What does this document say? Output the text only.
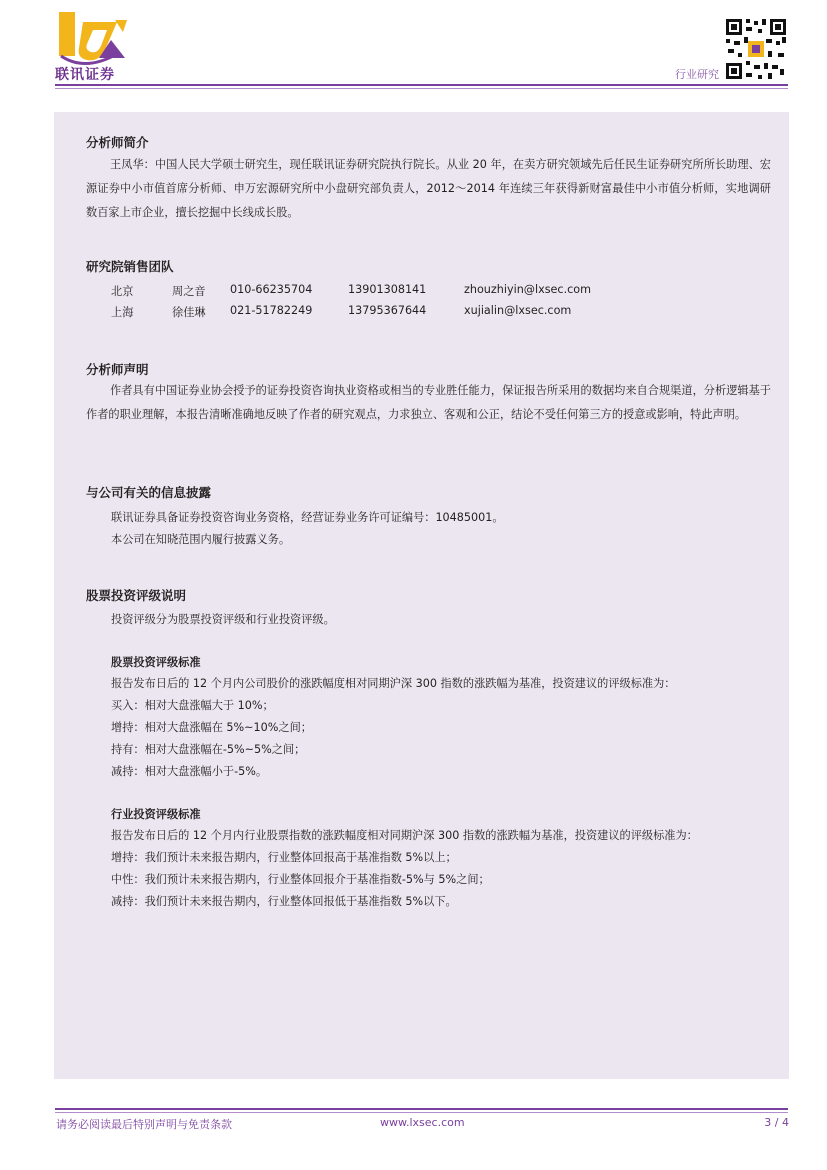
联讯证券	行业研究
分析师简介
王凤华：中国人民大学硕士研究生，现任联讯证券研究院执行院长。从业 20 年，在卖方研究领域先后任民生证券研究所所长助理、宏源证券中小市值首席分析师、申万宏源研究所中小盘研究部负责人，2012～2014 年连续三年获得新财富最佳中小市值分析师，实地调研数百家上市企业，擅长挖掘中长线成长股。
研究院销售团队
北京	周之音 010-66235704	13901308141	zhouzhiyin@lxsec.com
上海	徐佳琳 021-51782249	13795367644	xujialin@lxsec.com
分析师声明
作者具有中国证券业协会授予的证券投资咨询执业资格或相当的专业胜任能力，保证报告所采用的数据均来自合规渠道，分析逻辑基于作者的职业理解，本报告清晰准确地反映了作者的研究观点，力求独立、客观和公正，结论不受任何第三方的授意或影响，特此声明。
与公司有关的信息披露
联讯证券具备证券投资咨询业务资格，经营证券业务许可证编号：10485001。
本公司在知晓范围内履行披露义务。
股票投资评级说明
投资评级分为股票投资评级和行业投资评级。
股票投资评级标准
报告发布日后的 12 个月内公司股价的涨跌幅度相对同期沪深 300 指数的涨跌幅为基准，投资建议的评级标准为：
买入：相对大盘涨幅大于 10%；
增持：相对大盘涨幅在 5%~10%之间；
持有：相对大盘涨幅在-5%~5%之间；
减持：相对大盘涨幅小于-5%。
行业投资评级标准
报告发布日后的 12 个月内行业股票指数的涨跌幅度相对同期沪深 300 指数的涨跌幅为基准，投资建议的评级标准为：
增持：我们预计未来报告期内，行业整体回报高于基准指数 5%以上；
中性：我们预计未来报告期内，行业整体回报介于基准指数-5%与 5%之间；
减持：我们预计未来报告期内，行业整体回报低于基准指数 5%以下。
请务必阅读最后特别声明与免责条款	www.lxsec.com	3 / 4
